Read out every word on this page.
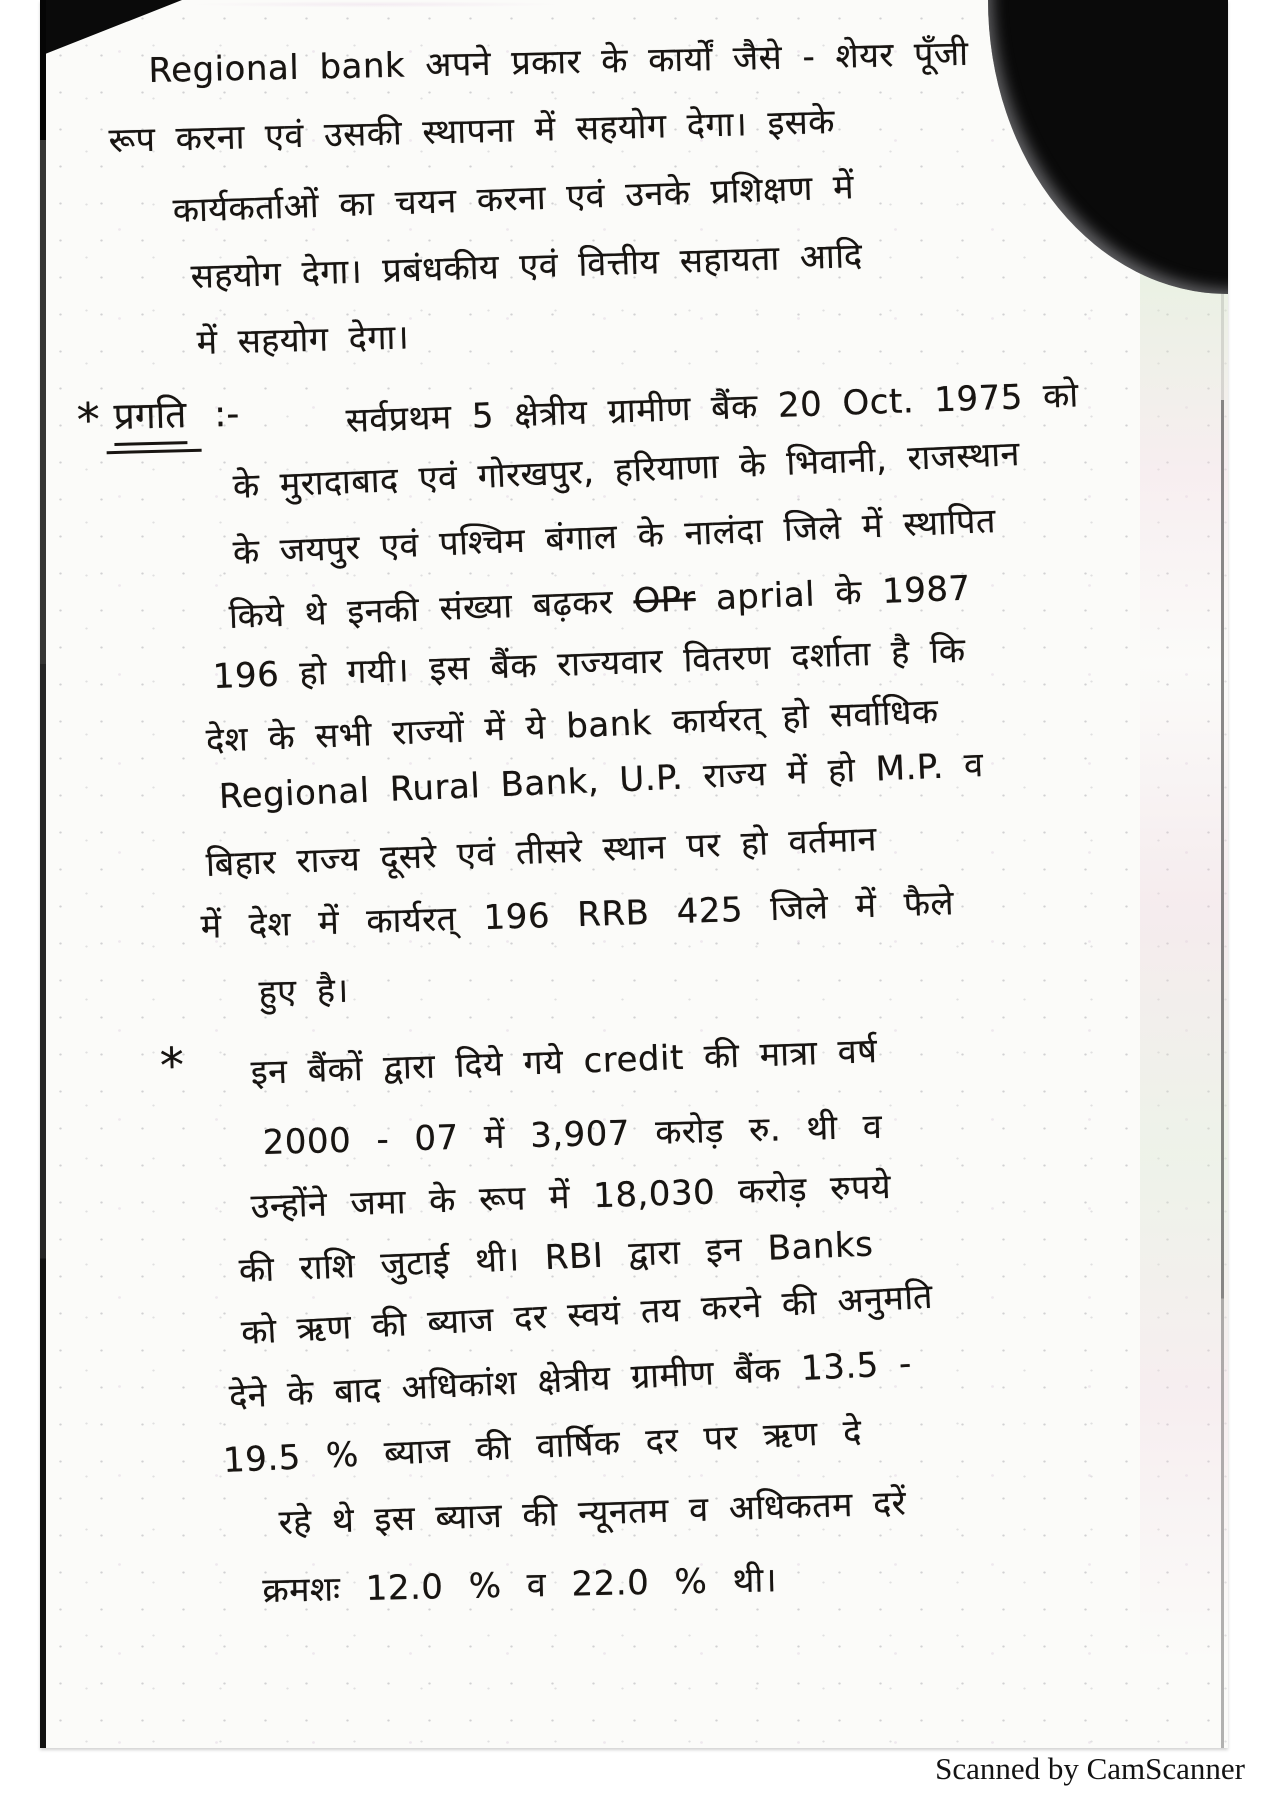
* प्रगति :-
*
Regional bank अपने प्रकार के कार्यों जैसे - शेयर पूँजी
रूप करना एवं उसकी स्थापना में सहयोग देगा। इसके
कार्यकर्ताओं का चयन करना एवं उनके प्रशिक्षण में
सहयोग देगा। प्रबंधकीय एवं वित्तीय सहायता आदि
में सहयोग देगा।
सर्वप्रथम 5 क्षेत्रीय ग्रामीण बैंक 20 Oct. 1975 को
के मुरादाबाद एवं गोरखपुर, हरियाणा के भिवानी, राजस्थान
के जयपुर एवं पश्चिम बंगाल के नालंदा जिले में स्थापित
किये थे इनकी संख्या बढ़कर OPr aprial के 1987
196 हो गयी। इस बैंक राज्यवार वितरण दर्शाता है कि
देश के सभी राज्यों में ये bank कार्यरत् हो सर्वाधिक
Regional Rural Bank, U.P. राज्य में हो M.P. व
बिहार राज्य दूसरे एवं तीसरे स्थान पर हो वर्तमान
में देश में कार्यरत् 196 RRB 425 जिले में फैले
हुए है।
इन बैंकों द्वारा दिये गये credit की मात्रा वर्ष
2000 - 07 में 3,907 करोड़ रु. थी व
उन्होंने जमा के रूप में 18,030 करोड़ रुपये
की राशि जुटाई थी। RBI द्वारा इन Banks
को ऋण की ब्याज दर स्वयं तय करने की अनुमति
देने के बाद अधिकांश क्षेत्रीय ग्रामीण बैंक 13.5 -
19.5 % ब्याज की वार्षिक दर पर ऋण दे
रहे थे इस ब्याज की न्यूनतम व अधिकतम दरें
क्रमशः 12.0 % व 22.0 % थी।
Scanned by CamScanner
